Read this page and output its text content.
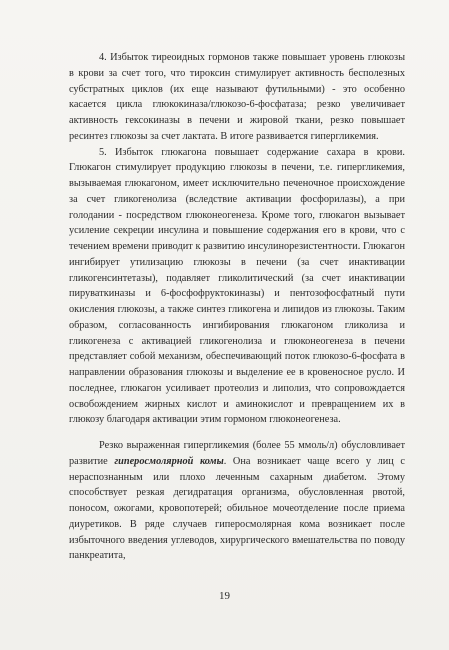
4. Избыток тиреоидных гормонов также повышает уровень глюкозы в крови за счет того, что тироксин стимулирует активность бесполезных субстратных циклов (их еще называют футильными) - это особенно касается цикла глюкокиназа/глюкозо-6-фосфатаза; резко увеличивает активность гексокиназы в печени и жировой ткани, резко повышает ресинтез глюкозы за счет лактата. В итоге развивается гипергликемия.

5. Избыток глюкагона повышает содержание сахара в крови. Глюкагон стимулирует продукцию глюкозы в печени, т.е. гипергликемия, вызываемая глюкагоном, имеет исключительно печеночное происхождение за счет гликогенолиза (вследствие активации фосфорилазы), а при голодании - посредством глюконеогенеза. Кроме того, глюкагон вызывает усиление секреции инсулина и повышение содержания его в крови, что с течением времени приводит к развитию инсулинорезистентности. Глюкагон ингибирует утилизацию глюкозы в печени (за счет инактивации гликогенсинтетазы), подавляет гликолитический (за счет инактивации пируваткиназы и 6-фосфофруктокиназы) и пентозофосфатный пути окисления глюкозы, а также синтез гликогена и липидов из глюкозы. Таким образом, согласованность ингибирования глюкагоном гликолиза и гликогенеза с активацией гликогенолиза и глюконеогенеза в печени представляет собой механизм, обеспечивающий поток глюкозо-6-фосфата в направлении образования глюкозы и выделение ее в кровеносное русло. И последнее, глюкагон усиливает протеолиз и липолиз, что сопровождается освобождением жирных кислот и аминокислот и превращением их в глюкозу благодаря активации этим гормоном глюконеогенеза.

Резко выраженная гипергликемия (более 55 ммоль/л) обусловливает развитие гиперосмолярной комы. Она возникает чаще всего у лиц с нераспознанным или плохо леченным сахарным диабетом. Этому способствует резкая дегидратация организма, обусловленная рвотой, поносом, ожогами, кровопотерей; обильное мочеотделение после приема диуретиков. В ряде случаев гиперосмолярная кома возникает после избыточного введения углеводов, хирургического вмешательства по поводу панкреатита,

19
